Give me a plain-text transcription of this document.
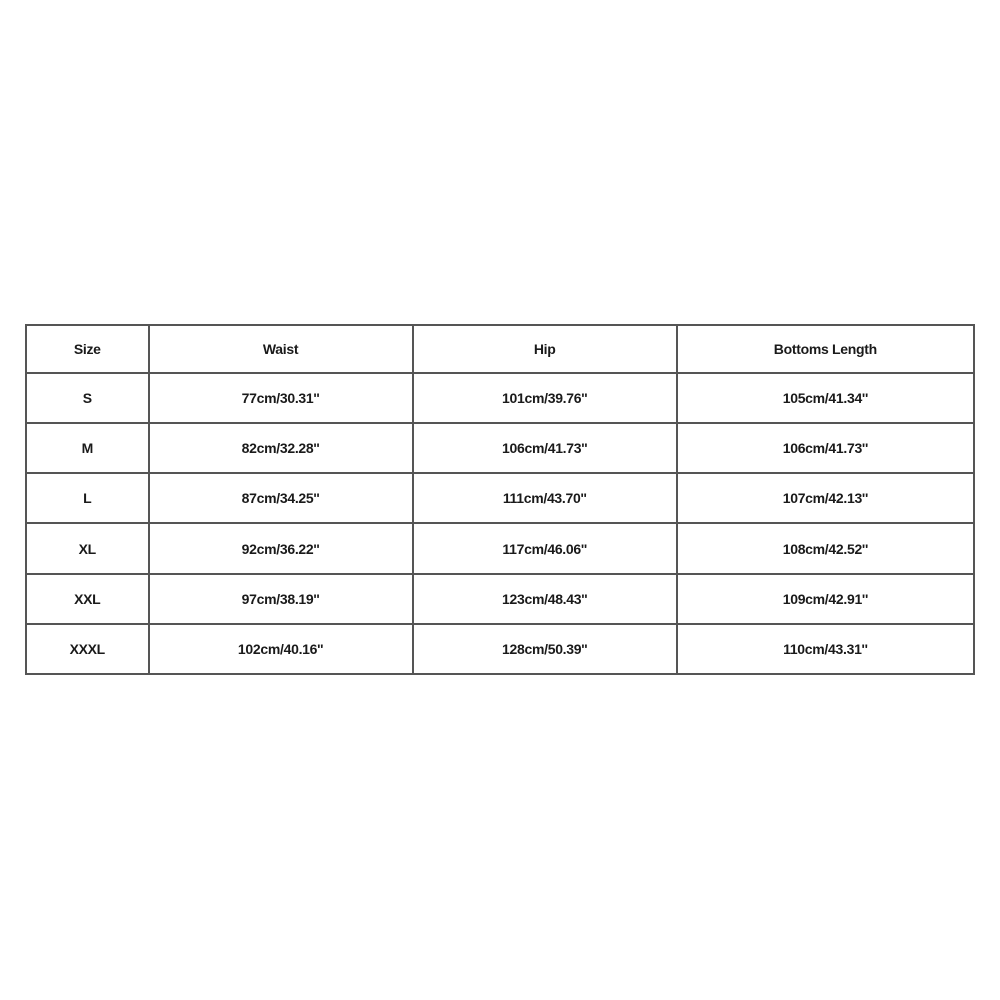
Size	Waist	Hip	Bottoms Length
S	77cm/30.31''	101cm/39.76''	105cm/41.34''
M	82cm/32.28''	106cm/41.73''	106cm/41.73''
L	87cm/34.25''	111cm/43.70''	107cm/42.13''
XL	92cm/36.22''	117cm/46.06''	108cm/42.52''
XXL	97cm/38.19''	123cm/48.43''	109cm/42.91''
XXXL	102cm/40.16''	128cm/50.39''	110cm/43.31''
